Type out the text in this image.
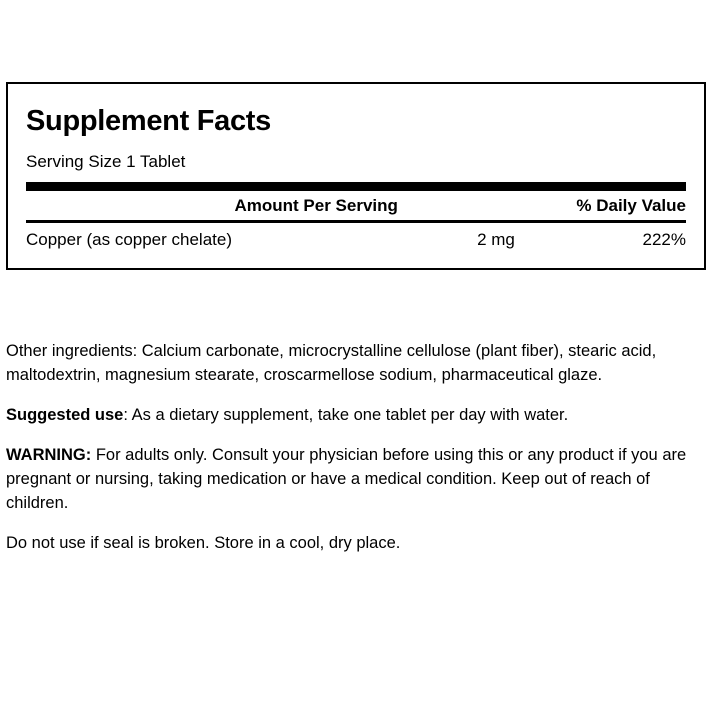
Supplement Facts
Serving Size 1 Tablet
Amount Per Serving	% Daily Value
Copper (as copper chelate)	2 mg	222%

Other ingredients: Calcium carbonate, microcrystalline cellulose (plant fiber), stearic acid, maltodextrin, magnesium stearate, croscarmellose sodium, pharmaceutical glaze.

Suggested use: As a dietary supplement, take one tablet per day with water.

WARNING: For adults only. Consult your physician before using this or any product if you are pregnant or nursing, taking medication or have a medical condition. Keep out of reach of children.

Do not use if seal is broken. Store in a cool, dry place.
